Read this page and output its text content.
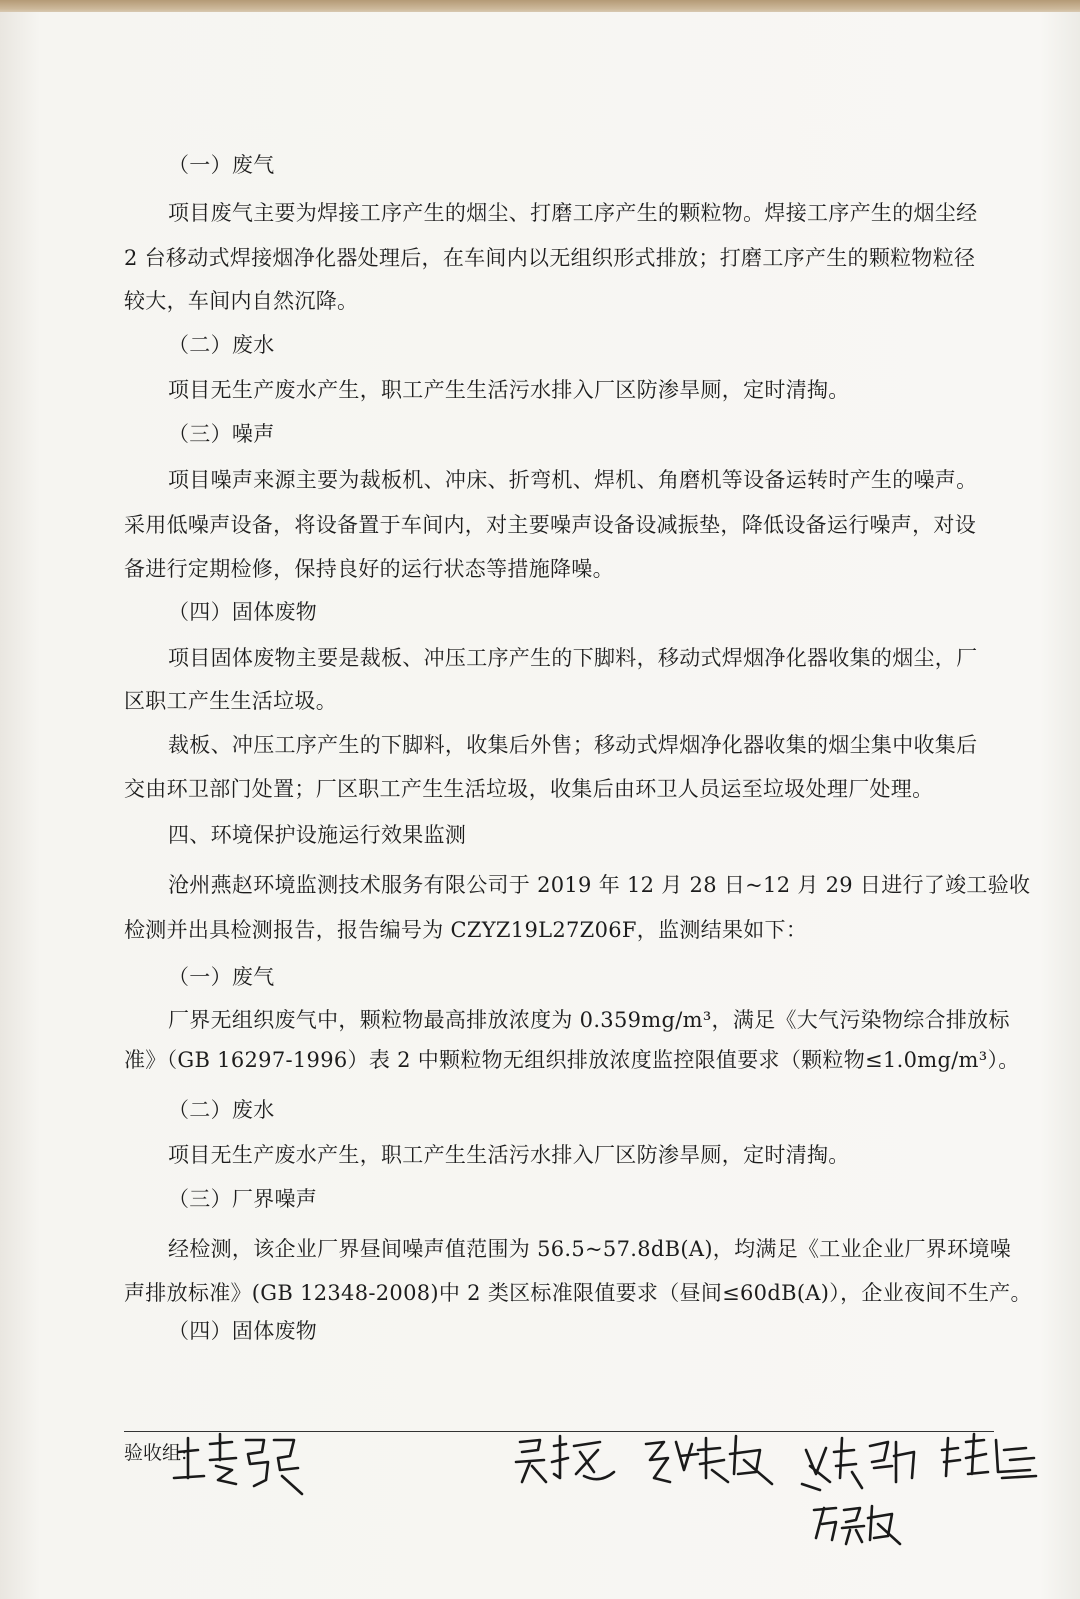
（一）废气
项目废气主要为焊接工序产生的烟尘、打磨工序产生的颗粒物。焊接工序产生的烟尘经
2 台移动式焊接烟净化器处理后，在车间内以无组织形式排放；打磨工序产生的颗粒物粒径
较大，车间内自然沉降。
（二）废水
项目无生产废水产生，职工产生生活污水排入厂区防渗旱厕，定时清掏。
（三）噪声
项目噪声来源主要为裁板机、冲床、折弯机、焊机、角磨机等设备运转时产生的噪声。
采用低噪声设备，将设备置于车间内，对主要噪声设备设减振垫，降低设备运行噪声，对设
备进行定期检修，保持良好的运行状态等措施降噪。
（四）固体废物
项目固体废物主要是裁板、冲压工序产生的下脚料，移动式焊烟净化器收集的烟尘，厂
区职工产生生活垃圾。
裁板、冲压工序产生的下脚料，收集后外售；移动式焊烟净化器收集的烟尘集中收集后
交由环卫部门处置；厂区职工产生生活垃圾，收集后由环卫人员运至垃圾处理厂处理。
四、环境保护设施运行效果监测
沧州燕赵环境监测技术服务有限公司于 2019 年 12 月 28 日~12 月 29 日进行了竣工验收
检测并出具检测报告，报告编号为 CZYZ19L27Z06F，监测结果如下：
（一）废气
厂界无组织废气中，颗粒物最高排放浓度为 0.359mg/m³，满足《大气污染物综合排放标
准》（GB 16297-1996）表 2 中颗粒物无组织排放浓度监控限值要求（颗粒物≤1.0mg/m³）。
（二）废水
项目无生产废水产生，职工产生生活污水排入厂区防渗旱厕，定时清掏。
（三）厂界噪声
经检测，该企业厂界昼间噪声值范围为 56.5~57.8dB(A)，均满足《工业企业厂界环境噪
声排放标准》(GB 12348-2008)中 2 类区标准限值要求（昼间≤60dB(A)），企业夜间不生产。
（四）固体废物
验收组:
